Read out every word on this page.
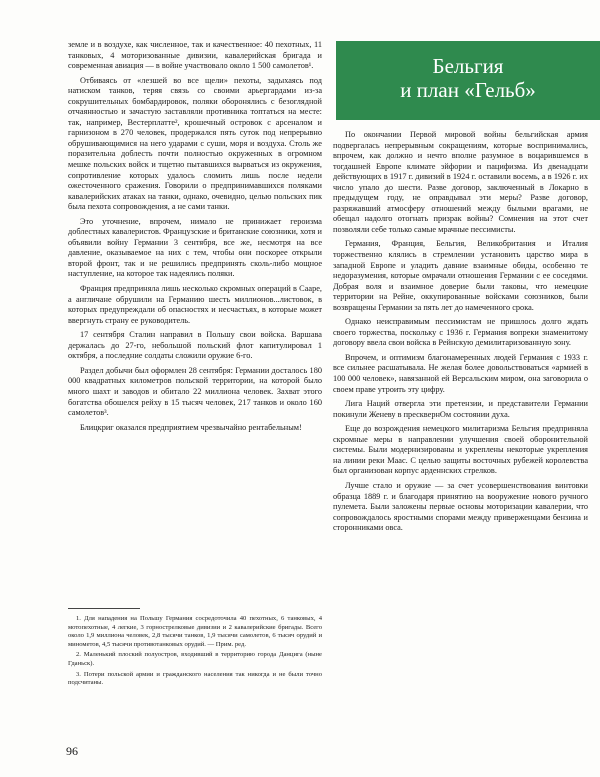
земле и в воздухе, как численное, так и качественное: 40 пехотных, 11 танковых, 4 моторизованные дивизии, кавалерийская бригада и современная авиация — в войне участвовало около 1 500 самолетов¹.

Отбиваясь от «лезшей во все щели» пехоты, задыхаясь под натиском танков, теряя связь со своими арьергардами из-за сокрушительных бомбардировок, поляки оборонялись с безоглядной отчаянностью и зачастую заставляли противника топтаться на месте: так, например, Вестерплатте², крошечный островок с арсеналом и гарнизоном в 270 человек, продержался пять суток под непрерывно обрушивающимися на него ударами с суши, моря и воздуха. Столь же поразительна доблесть почти полностью окруженных в огромном мешке польских войск и тщетно пытавшихся вырваться из окружения, сопротивление которых удалось сломить лишь после недели ожесточенного сражения. Говорили о предпринимавшихся поляками кавалерийских атаках на танки, однако, очевидно, целью польских пик была пехота сопровождения, а не сами танки.

Это уточнение, впрочем, нимало не принижает героизма доблестных кавалеристов. Французские и британские союзники, хотя и объявили войну Германии 3 сентября, все же, несмотря на все давление, оказываемое на них с тем, чтобы они поскорее открыли второй фронт, так и не решились предпринять сколь-либо мощное наступление, на которое так надеялись поляки.

Франция предприняла лишь несколько скромных операций в Сааре, а англичане обрушили на Германию шесть миллионов...листовок, в которых предупреждали об опасностях и несчастьях, в которые может ввергнуть страну ее руководитель.

17 сентября Сталин направил в Польшу свои войска. Варшава держалась до 27-го, небольшой польский флот капитулировал 1 октября, а последние солдаты сложили оружие 6-го.

Раздел добычи был оформлен 28 сентября: Германии досталось 180 000 квадратных километров польской территории, на которой было много шахт и заводов и обитало 22 миллиона человек. Захват этого богатства обошелся рейху в 15 тысяч человек, 217 танков и около 160 самолетов³.

Блицкриг оказался предприятием чрезвычайно рентабельным!

1. Для нападения на Польшу Германия сосредоточила 40 пехотных, 6 танковых, 4 мотопехотные, 4 легкие, 3 горнострелковые дивизии и 2 кавалерийские бригады. Всего около 1,9 миллиона человек, 2,8 тысячи танков, 1,9 тысячи самолетов, 6 тысяч орудий и минометов, 4,5 тысячи противотанковых орудий. — Прим. ред.

2. Маленький плоский полуостров, входивший в территорию города Данцига (ныне Гданьск).

3. Потери польской армии и гражданского населения так никогда и не были точно подсчитаны.

Бельгия
и план «Гельб»

По окончании Первой мировой войны бельгийская армия подвергалась непрерывным сокращениям, которые воспринимались, впрочем, как должно и нечто вполне разумное в воцарившемся в тогдашней Европе климате эйфории и пацифизма. Из двенадцати действующих в 1917 г. дивизий в 1924 г. оставили восемь, а в 1926 г. их число упало до шести. Разве договор, заключенный в Локарно в предыдущем году, не оправдывал эти меры? Разве договор, разряжавший атмосферу отношений между былыми врагами, не обещал надолго отогнать призрак войны? Сомнения на этот счет позволяли себе только самые мрачные пессимисты.

Германия, Франция, Бельгия, Великобритания и Италия торжественно клялись в стремлении установить царство мира в западной Европе и уладить давние взаимные обиды, особенно те недоразумения, которые омрачали отношения Германии с ее соседями. Добрая воля и взаимное доверие были таковы, что немецкие территории на Рейне, оккупированные войсками союзников, были возвращены Германии за пять лет до намеченного срока.

Однако неисправимым пессимистам не пришлось долго ждать своего торжества, поскольку с 1936 г. Германия вопреки знаменитому договору ввела свои войска в Рейнскую демилитаризованную зону.

Впрочем, и оптимизм благонамеренных людей Германия с 1933 г. все сильнее расшатывала. Не желая более довольствоваться «армией в 100 000 человек», навязанной ей Версальским миром, она заговорила о своем праве утроить эту цифру.

Лига Наций отвергла эти претензии, и представители Германии покинули Женеву в пресквернОм состоянии духа.

Еще до возрождения немецкого милитаризма Бельгия предприняла скромные меры в направлении улучшения своей оборонительной системы. Были модернизированы и укреплены некоторые укрепления на линии реки Маас. С целью защиты восточных рубежей королевства был организован корпус арденнских стрелков.

Лучше стало и оружие — за счет усовершенствования винтовки образца 1889 г. и благодаря принятию на вооружение нового ручного пулемета. Были заложены первые основы моторизации кавалерии, что сопровождалось яростными спорами между приверженцами бензина и сторонниками овса.

96
